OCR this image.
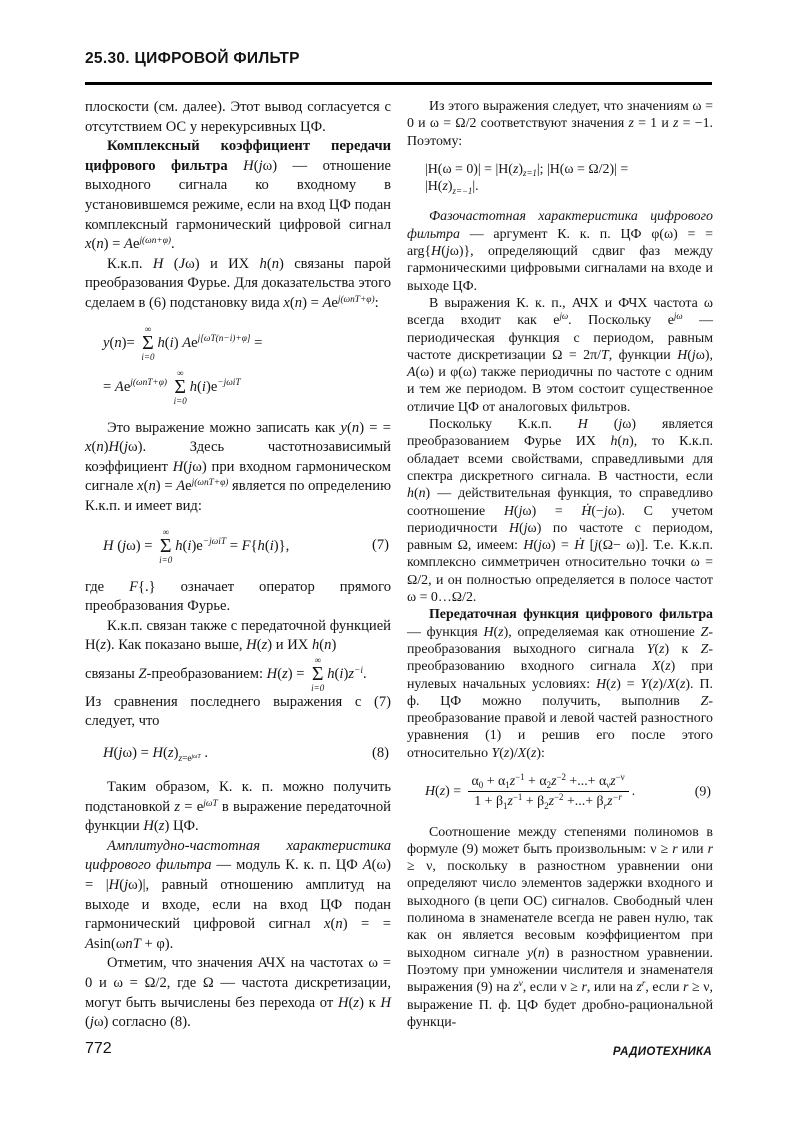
25.30. ЦИФРОВОЙ ФИЛЬТР
плоскости (см. далее). Этот вывод согласуется с отсутствием ОС у нерекурсивных ЦФ.
Комплексный коэффициент передачи цифрового фильтра H(jω) — отношение выходного сигнала ко входному в установившемся режиме, если на вход ЦФ подан комплексный гармонический цифровой сигнал $x(n) = Ae^{j(\omega n+\varphi)}$.
К.к.п. H (Jω) и ИХ h(n) связаны парой преобразования Фурье. Для доказательства этого сделаем в (6) подстановку вида $x(n) = Ae^{j(\omega nT+\varphi)}$:
y(n)=
∞
Σ
i=0
h(i) $Ae^{j[\omega T(n-i)+\varphi]}$ =
= $Ae^{j(\omega nT+\varphi)}$
∞
Σ
i=0
$h(i)e^{-j\omega iT}$
Это выражение можно записать как y(n) = = x(n)H(jω). Здесь частотнозависимый коэффициент H(jω) при входном гармоническом сигнале $x(n) = Ae^{j(\omega nT+\varphi)}$ является по определению К.к.п. и имеет вид:
H (jω) =
∞
Σ
i=0
$h(i)e^{-j\omega iT} = F\{h(i)\}$,	(7)
где F{.} означает оператор прямого преобразования Фурье.
К.к.п. связан также с передаточной функцией H(z). Как показано выше, H(z) и ИХ h(n)
связаны Z-преобразованием: H(z) =
∞
Σ
i=0
$h(i)z^{-i}$.
Из сравнения последнего выражения с (7) следует, что
$H(j\omega) = H(z)_{z=e^{j\omega T}}$ .	(8)
Таким образом, К. к. п. можно получить подстановкой $z = e^{j\omega T}$ в выражение передаточной функции H(z) ЦФ.
Амплитудно-частотная характеристика цифрового фильтра — модуль К. к. п. ЦФ A(ω) = |H(jω)|, равный отношению амплитуд на выходе и входе, если на вход ЦФ подан гармонический цифровой сигнал x(n) = = Asin(ωnT + φ).
Отметим, что значения АЧХ на частотах ω = 0 и ω = Ω/2, где Ω — частота дискретизации, могут быть вычислены без перехода от H(z) к H (jω) согласно (8).
Из этого выражения следует, что значениям ω = 0 и ω = Ω/2 соответствуют значения z = 1 и z = −1. Поэтому:
$|H(\omega = 0)| = |H(z)_{z=1}|$; $|H(\omega = \Omega/2)| = |H(z)_{z=-1}|$.
Фазочастотная характеристика цифрового фильтра — аргумент К. к. п. ЦФ φ(ω) = = arg{H(jω)}, определяющий сдвиг фаз между гармоническими цифровыми сигналами на входе и выходе ЦФ.
В выражения К. к. п., АЧХ и ФЧХ частота ω всегда входит как $e^{j\omega}$. Поскольку $e^{j\omega}$ — периодическая функция с периодом, равным частоте дискретизации Ω = 2π/T, функции H(jω), A(ω) и φ(ω) также периодичны по частоте с одним и тем же периодом. В этом состоит существенное отличие ЦФ от аналоговых фильтров.
Поскольку К.к.п. H (jω) является преобразованием Фурье ИХ h(n), то К.к.п. обладает всеми свойствами, справедливыми для спектра дискретного сигнала. В частности, если h(n) — действительная функция, то справедливо соотношение H(jω) = Ḣ(−jω). С учетом периодичности H(jω) по частоте с периодом, равным Ω, имеем: H(jω) = Ḣ [j(Ω− ω)]. Т.е. К.к.п. комплексно симметричен относительно точки ω = Ω/2, и он полностью определяется в полосе частот ω = 0…Ω/2.
Передаточная функция цифрового фильтра — функция H(z), определяемая как отношение Z-преобразования выходного сигнала Y(z) к Z-преобразованию входного сигнала X(z) при нулевых начальных условиях: H(z) = Y(z)/X(z). П. ф. ЦФ можно получить, выполнив Z-преобразование правой и левой частей разностного уравнения (1) и решив его после этого относительно Y(z)/X(z):
$H(z) = \frac{\alpha_0 + \alpha_1z^{-1} + \alpha_2z^{-2} +...+ \alpha_\nu z^{-\nu}}{1 + \beta_1z^{-1} + \beta_2z^{-2} +...+ \beta_rz^{-r}}$ .	(9)
Соотношение между степенями полиномов в формуле (9) может быть произвольным: ν ≥ r или r ≥ ν, поскольку в разностном уравнении они определяют число элементов задержки входного и выходного (в цепи ОС) сигналов. Свободный член полинома в знаменателе всегда не равен нулю, так как он является весовым коэффициентом при выходном сигнале y(n) в разностном уравнении. Поэтому при умножении числителя и знаменателя выражения (9) на $z^\nu$, если ν ≥ r, или на $z^r$, если r ≥ ν, выражение П. ф. ЦФ будет дробно-рациональной функци-
772	РАДИОТЕХНИКА
